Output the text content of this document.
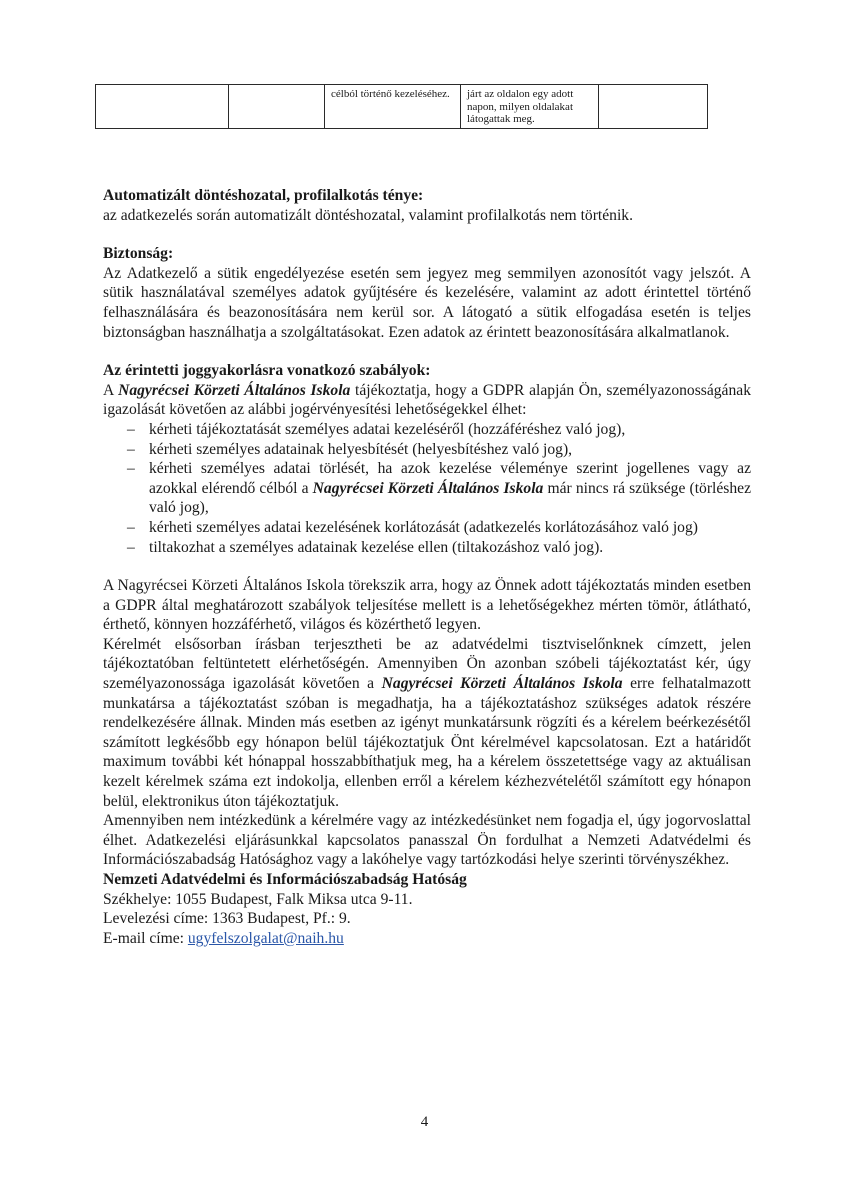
		célból történő kezeléséhez.	járt az oldalon egy adott napon, milyen oldalakat látogattak meg.	
Automatizált döntéshozatal, profilalkotás ténye:

az adatkezelés során automatizált döntéshozatal, valamint profilalkotás nem történik.

Biztonság:

Az Adatkezelő a sütik engedélyezése esetén sem jegyez meg semmilyen azonosítót vagy jelszót. A sütik használatával személyes adatok gyűjtésére és kezelésére, valamint az adott érintettel történő felhasználására és beazonosítására nem kerül sor. A látogató a sütik elfogadása esetén is teljes biztonságban használhatja a szolgáltatásokat. Ezen adatok az érintett beazonosítására alkalmatlanok.

Az érintetti joggyakorlásra vonatkozó szabályok:

A Nagyrécsei Körzeti Általános Iskola tájékoztatja, hogy a GDPR alapján Ön, személyazonosságának igazolását követően az alábbi jogérvényesítési lehetőségekkel élhet:

– kérheti tájékoztatását személyes adatai kezeléséről (hozzáféréshez való jog),
– kérheti személyes adatainak helyesbítését (helyesbítéshez való jog),
– kérheti személyes adatai törlését, ha azok kezelése véleménye szerint jogellenes vagy az azokkal elérendő célból a Nagyrécsei Körzeti Általános Iskola már nincs rá szüksége (törléshez való jog),
– kérheti személyes adatai kezelésének korlátozását (adatkezelés korlátozásához való jog)
– tiltakozhat a személyes adatainak kezelése ellen (tiltakozáshoz való jog).

A Nagyrécsei Körzeti Általános Iskola törekszik arra, hogy az Önnek adott tájékoztatás minden esetben a GDPR által meghatározott szabályok teljesítése mellett is a lehetőségekhez mérten tömör, átlátható, érthető, könnyen hozzáférhető, világos és közérthető legyen.

Kérelmét elsősorban írásban terjesztheti be az adatvédelmi tisztviselőnknek címzett, jelen tájékoztatóban feltüntetett elérhetőségén. Amennyiben Ön azonban szóbeli tájékoztatást kér, úgy személyazonossága igazolását követően a Nagyrécsei Körzeti Általános Iskola erre felhatalmazott munkatársa a tájékoztatást szóban is megadhatja, ha a tájékoztatáshoz szükséges adatok részére rendelkezésére állnak. Minden más esetben az igényt munkatársunk rögzíti és a kérelem beérkezésétől számított legkésőbb egy hónapon belül tájékoztatjuk Önt kérelmével kapcsolatosan. Ezt a határidőt maximum további két hónappal hosszabbíthatjuk meg, ha a kérelem összetettsége vagy az aktuálisan kezelt kérelmek száma ezt indokolja, ellenben erről a kérelem kézhezvételétől számított egy hónapon belül, elektronikus úton tájékoztatjuk.

Amennyiben nem intézkedünk a kérelmére vagy az intézkedésünket nem fogadja el, úgy jogorvoslattal élhet. Adatkezelési eljárásunkkal kapcsolatos panasszal Ön fordulhat a Nemzeti Adatvédelmi és Információszabadság Hatósághoz vagy a lakóhelye vagy tartózkodási helye szerinti törvényszékhez.

Nemzeti Adatvédelmi és Információszabadság Hatóság

Székhelye: 1055 Budapest, Falk Miksa utca 9-11.

Levelezési címe: 1363 Budapest, Pf.: 9.

E-mail címe: ugyfelszolgalat@naih.hu

4
